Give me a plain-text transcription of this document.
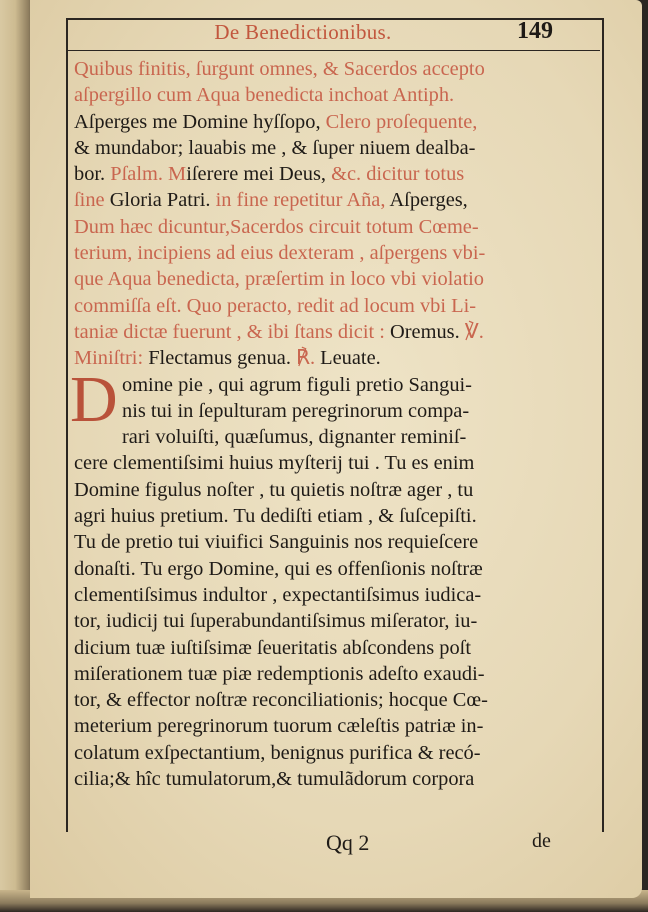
De Benedictionibus.	149
Quibus finitis, ſurgunt omnes, & Sacerdos accepto
aſpergillo cum Aqua benedicta inchoat Antiph.
Aſperges me Domine hyſſopo, Clero proſequente,
& mundabor; lauabis me , & ſuper niuem dealba-
bor. Pſalm. Miſerere mei Deus, &c. dicitur totus
ſine Gloria Patri. in fine repetitur Aña, Aſperges,
Dum hæc dicuntur,Sacerdos circuit totum Cœme-
terium, incipiens ad eius dexteram , aſpergens vbi-
que Aqua benedicta, præſertim in loco vbi violatio
commiſſa eſt. Quo peracto, redit ad locum vbi Li-
taniæ dictæ fuerunt , & ibi ſtans dicit : Oremus. ℣.
Miniſtri: Flectamus genua. ℟. Leuate.
D omine pie , qui agrum figuli pretio Sangui-
nis tui in ſepulturam peregrinorum compa-
rari voluiſti, quæſumus, dignanter reminiſ-
cere clementiſsimi huius myſterij tui . Tu es enim
Domine figulus noſter , tu quietis noſtræ ager , tu
agri huius pretium. Tu dediſti etiam , & ſuſcepiſti.
Tu de pretio tui viuifici Sanguinis nos requieſcere
donaſti. Tu ergo Domine, qui es offenſionis noſtræ
clementiſsimus indultor , expectantiſsimus iudica-
tor, iudicij tui ſuperabundantiſsimus miſerator, iu-
dicium tuæ iuſtiſsimæ ſeueritatis abſcondens poſt
miſerationem tuæ piæ redemptionis adeſto exaudi-
tor, & effector noſtræ reconciliationis; hocque Cœ-
meterium peregrinorum tuorum cæleſtis patriæ in-
colatum exſpectantium, benignus purifica & recó-
cilia;& hîc tumulatorum,& tumulãdorum corpora
Qq 2	de
